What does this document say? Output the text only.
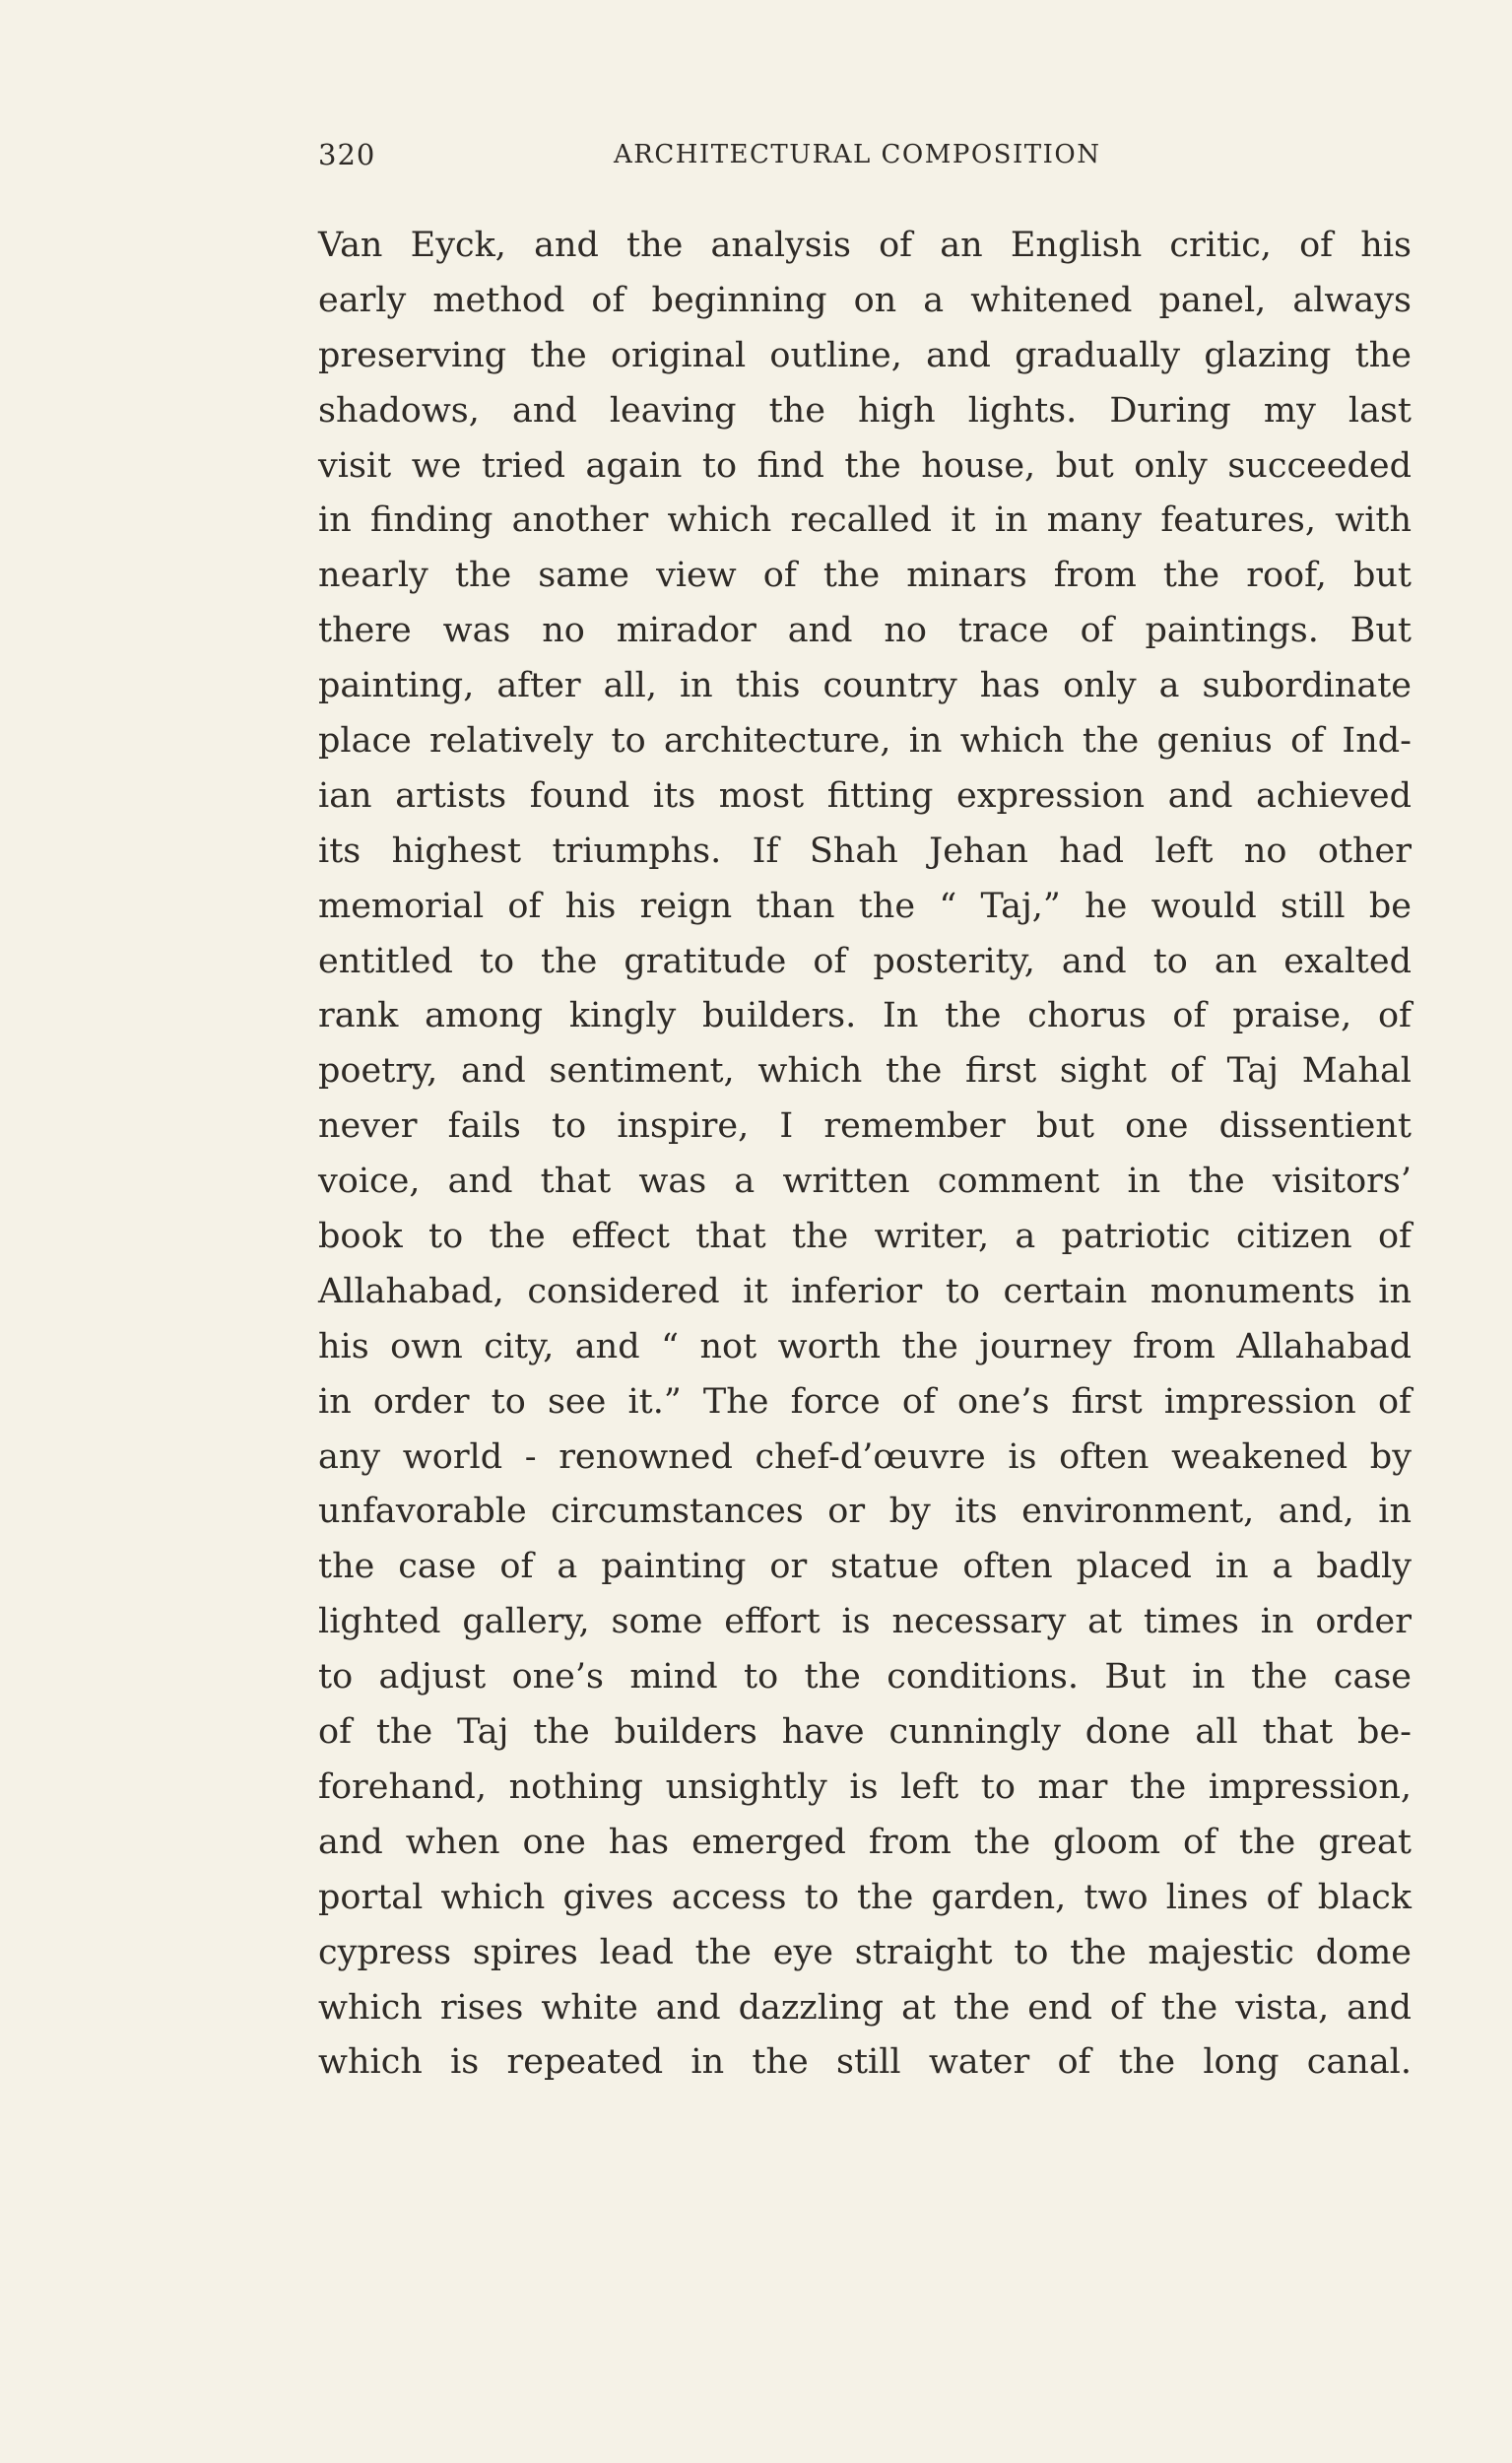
320	ARCHITECTURAL COMPOSITION
Van Eyck, and the analysis of an English critic, of his
early method of beginning on a whitened panel, always
preserving the original outline, and gradually glazing the
shadows, and leaving the high lights. During my last
visit we tried again to find the house, but only succeeded
in finding another which recalled it in many features, with
nearly the same view of the minars from the roof, but
there was no mirador and no trace of paintings. But
painting, after all, in this country has only a subordinate
place relatively to architecture, in which the genius of Ind-
ian artists found its most fitting expression and achieved
its highest triumphs. If Shah Jehan had left no other
memorial of his reign than the “ Taj,” he would still be
entitled to the gratitude of posterity, and to an exalted
rank among kingly builders. In the chorus of praise, of
poetry, and sentiment, which the first sight of Taj Mahal
never fails to inspire, I remember but one dissentient
voice, and that was a written comment in the visitors’
book to the effect that the writer, a patriotic citizen of
Allahabad, considered it inferior to certain monuments in
his own city, and “ not worth the journey from Allahabad
in order to see it.” The force of one’s first impression of
any world - renowned chef-d’œuvre is often weakened by
unfavorable circumstances or by its environment, and, in
the case of a painting or statue often placed in a badly
lighted gallery, some effort is necessary at times in order
to adjust one’s mind to the conditions. But in the case
of the Taj the builders have cunningly done all that be-
forehand, nothing unsightly is left to mar the impression,
and when one has emerged from the gloom of the great
portal which gives access to the garden, two lines of black
cypress spires lead the eye straight to the majestic dome
which rises white and dazzling at the end of the vista, and
which is repeated in the still water of the long canal.
